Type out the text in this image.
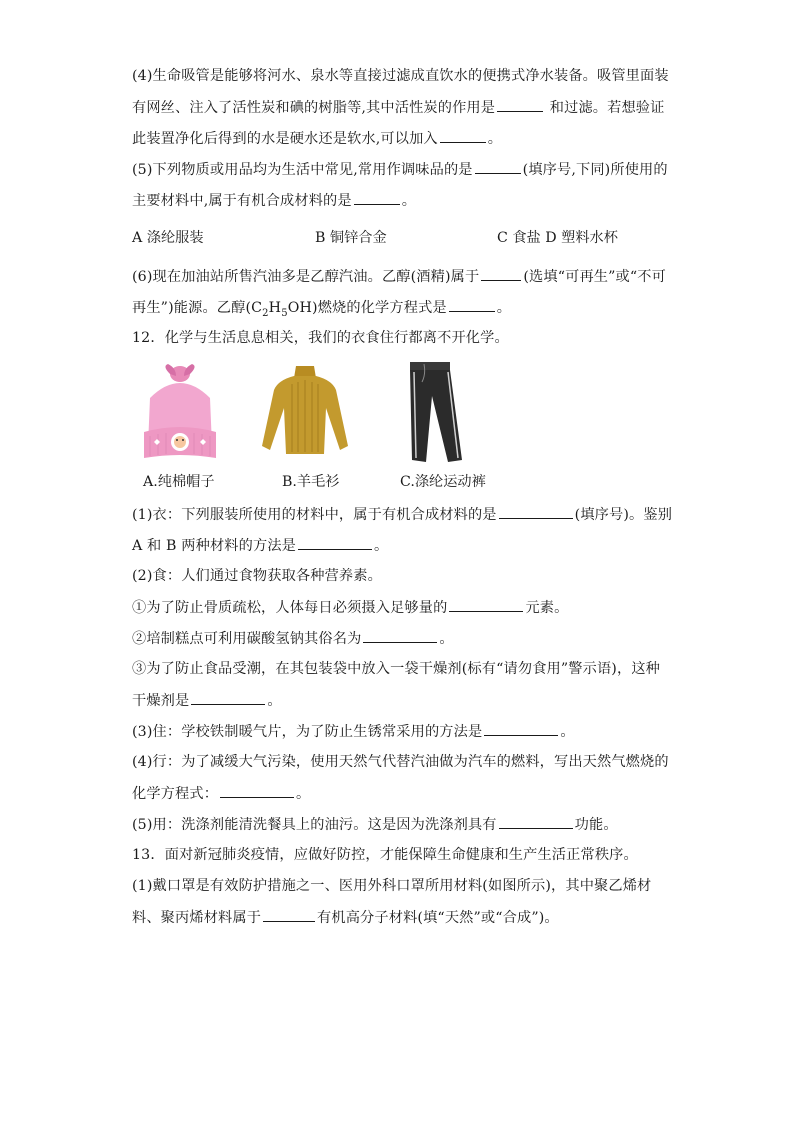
(4)生命吸管是能够将河水、泉水等直接过滤成直饮水的便携式净水装备。吸管里面装
有网丝、注入了活性炭和碘的树脂等,其中活性炭的作用是	和过滤。若想验证
此装置净化后得到的水是硬水还是软水,可以加入	。
(5)下列物质或用品均为生活中常见,常用作调味品的是	(填序号,下同)所使用的
主要材料中,属于有机合成材料的是	。
A 涤纶服装	B 铜锌合金	C 食盐 D 塑料水杯
(6)现在加油站所售汽油多是乙醇汽油。乙醇(酒精)属于	(选填“可再生”或“不可
再生”)能源。乙醇$(C_2H_5OH)$燃烧的化学方程式是	。
12．化学与生活息息相关，我们的衣食住行都离不开化学。
A.纯棉帽子	B.羊毛衫	C.涤纶运动裤
(1)衣：下列服装所使用的材料中，属于有机合成材料的是	(填序号)。鉴别
A 和 B 两种材料的方法是	。
(2)食：人们通过食物获取各种营养素。
①为了防止骨质疏松，人体每日必须摄入足够量的	元素。
②培制糕点可利用碳酸氢钠其俗名为	。
③为了防止食品受潮，在其包装袋中放入一袋干燥剂(标有“请勿食用”警示语)，这种
干燥剂是	。
(3)住：学校铁制暖气片，为了防止生锈常采用的方法是	。
(4)行：为了减缓大气污染，使用天然气代替汽油做为汽车的燃料，写出天然气燃烧的
化学方程式：	。
(5)用：洗涤剂能清洗餐具上的油污。这是因为洗涤剂具有	功能。
13．面对新冠肺炎疫情，应做好防控，才能保障生命健康和生产生活正常秩序。
(1)戴口罩是有效防护措施之一、医用外科口罩所用材料(如图所示)，其中聚乙烯材
料、聚丙烯材料属于	有机高分子材料(填“天然”或“合成”)。
